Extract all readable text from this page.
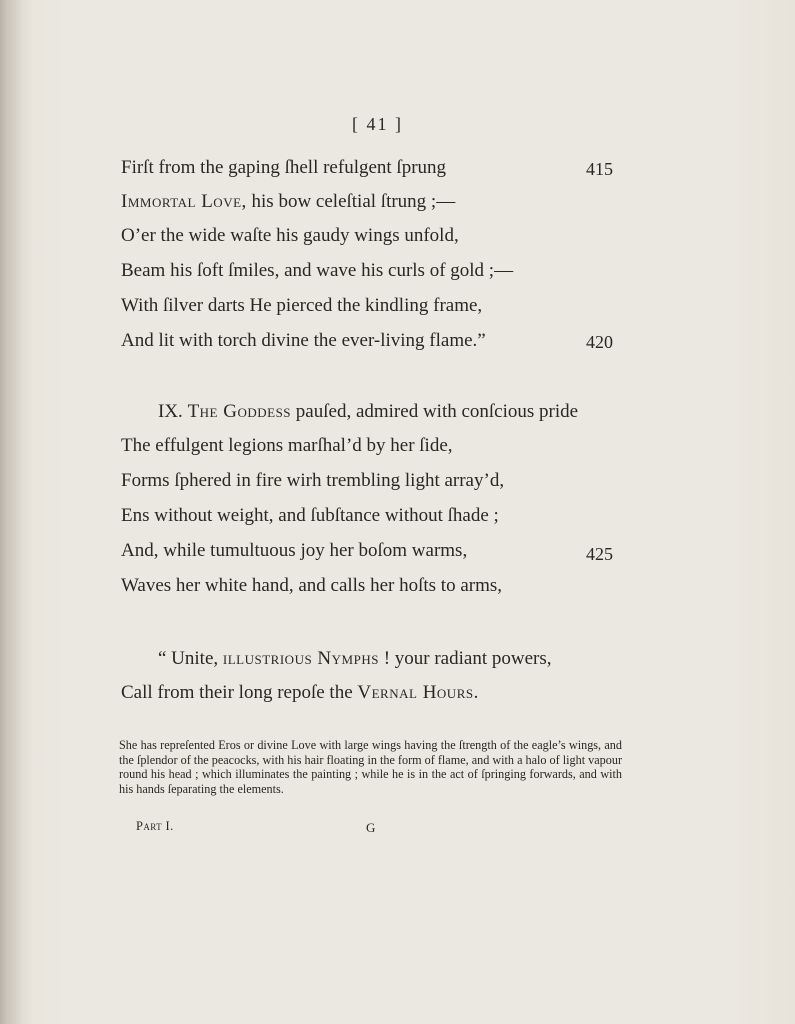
[ 41 ]
Firſt from the gaping ſhell refulgent ſprung	415
Immortal Love, his bow celeſtial ſtrung ;—
O’er the wide waſte his gaudy wings unfold,
Beam his ſoft ſmiles, and wave his curls of gold ;—
With ſilver darts He pierced the kindling frame,
And lit with torch divine the ever-living flame.”	420
IX. The Goddess pauſed, admired with conſcious pride
The effulgent legions marſhal’d by her ſide,
Forms ſphered in fire wirh trembling light array’d,
Ens without weight, and ſubſtance without ſhade ;
And, while tumultuous joy her boſom warms,	425
Waves her white hand, and calls her hoſts to arms,
“ Unite, illustrious Nymphs ! your radiant powers,
Call from their long repoſe the Vernal Hours.
She has repreſented Eros or divine Love with large wings having the ſtrength of the eagle’s wings, and the ſplendor of the peacocks, with his hair floating in the form of flame, and with a halo of light vapour round his head ; which illuminates the painting ; while he is in the act of ſpringing forwards, and with his hands ſeparating the elements.
Part I.	G
